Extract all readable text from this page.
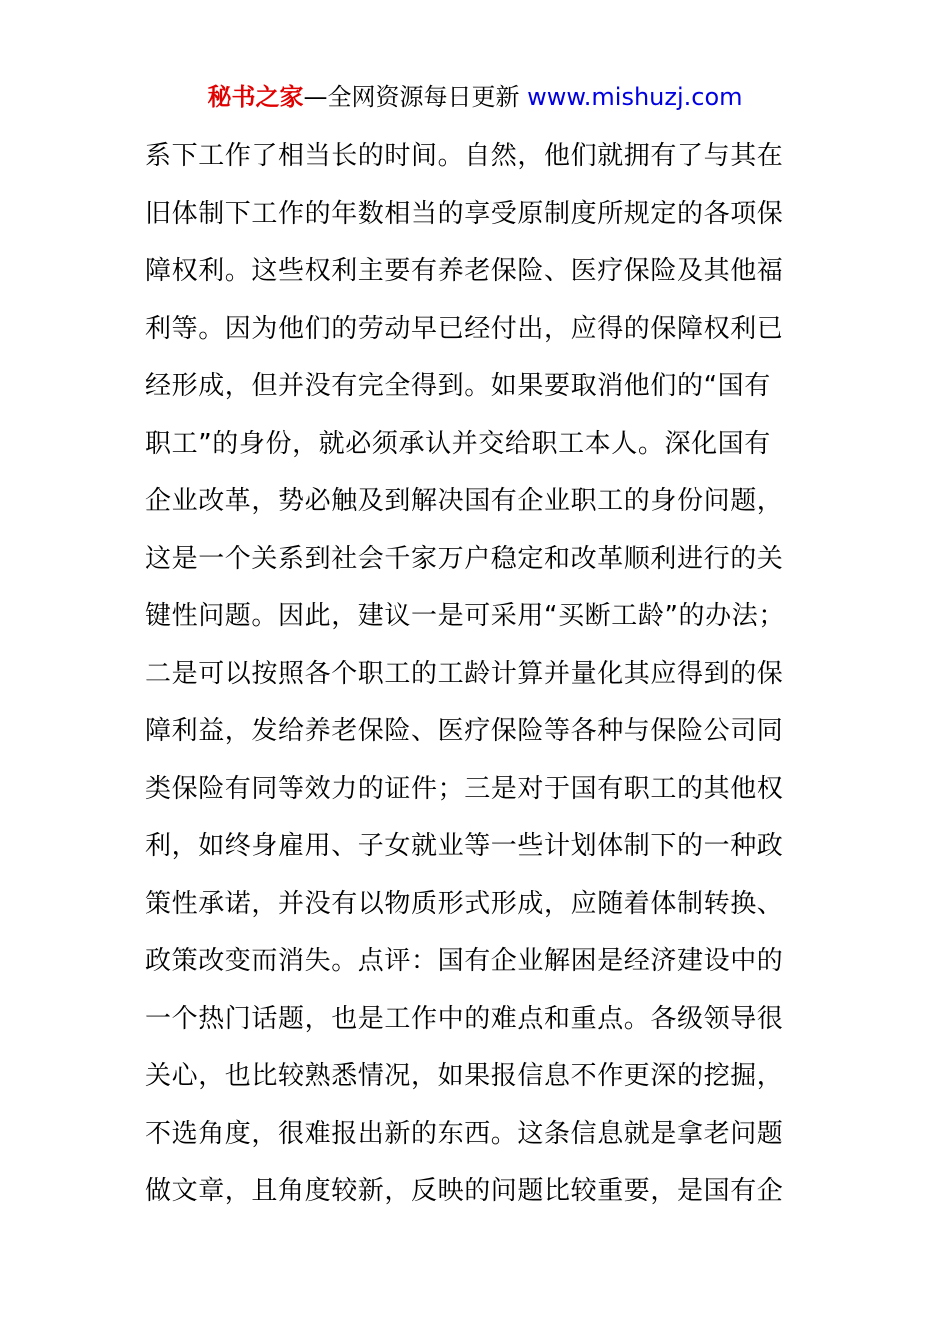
秘书之家—全网资源每日更新 www.mishuzj.com
系下工作了相当长的时间。自然，他们就拥有了与其在
旧体制下工作的年数相当的享受原制度所规定的各项保
障权利。这些权利主要有养老保险、医疗保险及其他福
利等。因为他们的劳动早已经付出，应得的保障权利已
经形成，但并没有完全得到。如果要取消他们的“国有
职工”的身份，就必须承认并交给职工本人。深化国有
企业改革，势必触及到解决国有企业职工的身份问题，
这是一个关系到社会千家万户稳定和改革顺利进行的关
键性问题。因此，建议一是可采用“买断工龄”的办法；
二是可以按照各个职工的工龄计算并量化其应得到的保
障利益，发给养老保险、医疗保险等各种与保险公司同
类保险有同等效力的证件；三是对于国有职工的其他权
利，如终身雇用、子女就业等一些计划体制下的一种政
策性承诺，并没有以物质形式形成，应随着体制转换、
政策改变而消失。点评：国有企业解困是经济建设中的
一个热门话题，也是工作中的难点和重点。各级领导很
关心，也比较熟悉情况，如果报信息不作更深的挖掘，
不选角度，很难报出新的东西。这条信息就是拿老问题
做文章，且角度较新，反映的问题比较重要，是国有企
